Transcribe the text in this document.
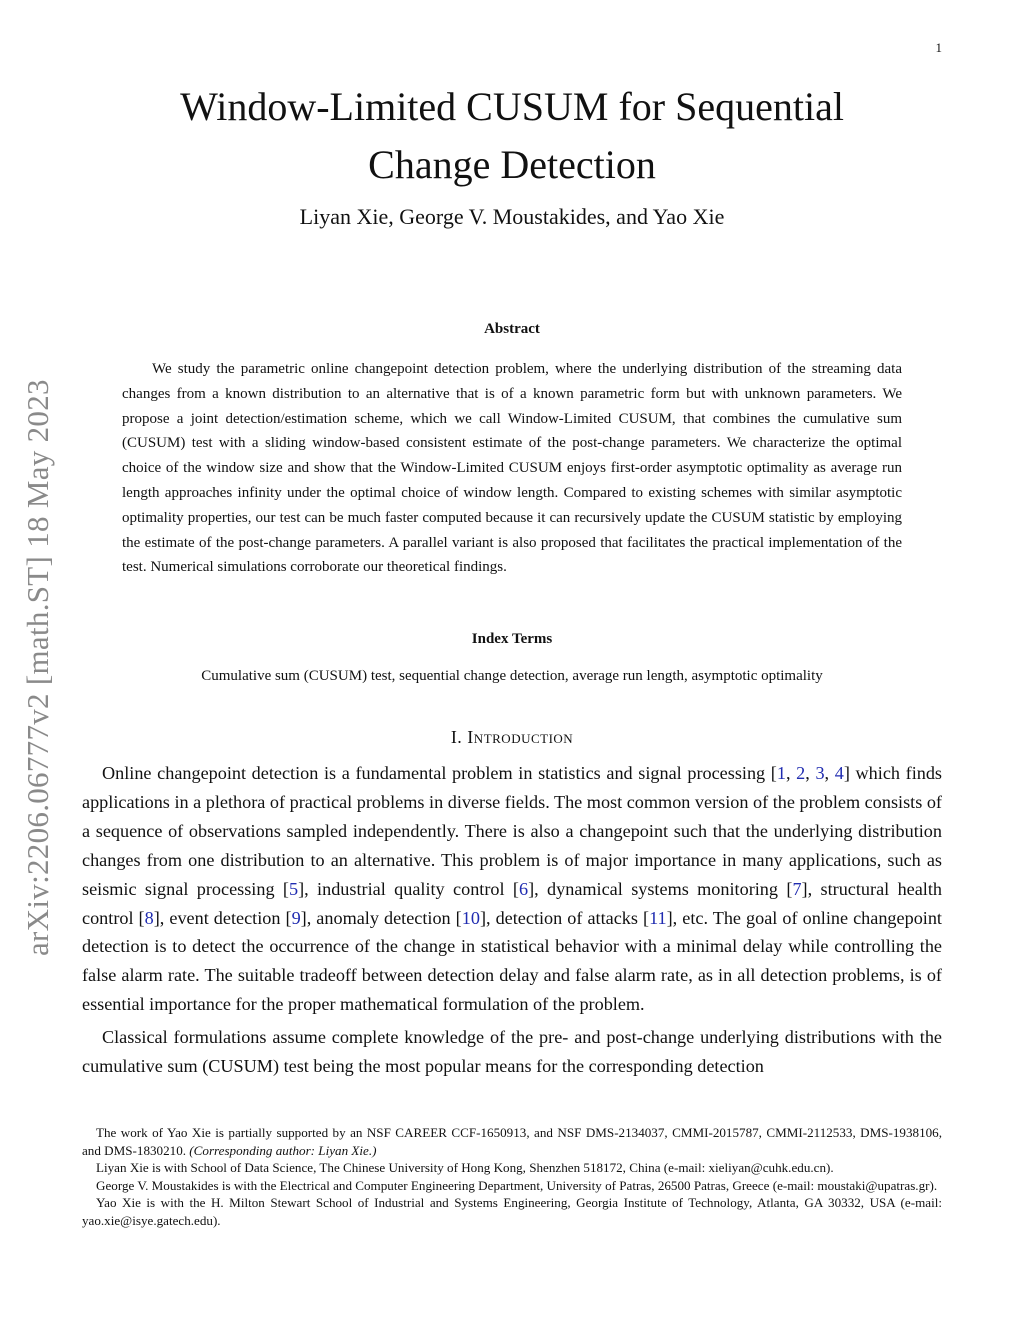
1
arXiv:2206.06777v2 [math.ST] 18 May 2023
Window-Limited CUSUM for Sequential
Change Detection
Liyan Xie, George V. Moustakides, and Yao Xie
Abstract

We study the parametric online changepoint detection problem, where the underlying distribution of the streaming data changes from a known distribution to an alternative that is of a known parametric form but with unknown parameters. We propose a joint detection/estimation scheme, which we call Window-Limited CUSUM, that combines the cumulative sum (CUSUM) test with a sliding window-based consistent estimate of the post-change parameters. We characterize the optimal choice of the window size and show that the Window-Limited CUSUM enjoys first-order asymptotic optimality as average run length approaches infinity under the optimal choice of window length. Compared to existing schemes with similar asymptotic optimality properties, our test can be much faster computed because it can recursively update the CUSUM statistic by employing the estimate of the post-change parameters. A parallel variant is also proposed that facilitates the practical implementation of the test. Numerical simulations corroborate our theoretical findings.

Index Terms
Cumulative sum (CUSUM) test, sequential change detection, average run length, asymptotic optimality
I. Introduction

Online changepoint detection is a fundamental problem in statistics and signal processing [1, 2, 3, 4] which finds applications in a plethora of practical problems in diverse fields. The most common version of the problem consists of a sequence of observations sampled independently. There is also a changepoint such that the underlying distribution changes from one distribution to an alternative. This problem is of major importance in many applications, such as seismic signal processing [5], industrial quality control [6], dynamical systems monitoring [7], structural health control [8], event detection [9], anomaly detection [10], detection of attacks [11], etc. The goal of online changepoint detection is to detect the occurrence of the change in statistical behavior with a minimal delay while controlling the false alarm rate. The suitable tradeoff between detection delay and false alarm rate, as in all detection problems, is of essential importance for the proper mathematical formulation of the problem.

Classical formulations assume complete knowledge of the pre- and post-change underlying distributions with the cumulative sum (CUSUM) test being the most popular means for the corresponding detection

The work of Yao Xie is partially supported by an NSF CAREER CCF-1650913, and NSF DMS-2134037, CMMI-2015787, CMMI-2112533, DMS-1938106, and DMS-1830210. (Corresponding author: Liyan Xie.)

Liyan Xie is with School of Data Science, The Chinese University of Hong Kong, Shenzhen 518172, China (e-mail: xieliyan@cuhk.edu.cn).

George V. Moustakides is with the Electrical and Computer Engineering Department, University of Patras, 26500 Patras, Greece (e-mail: moustaki@upatras.gr).

Yao Xie is with the H. Milton Stewart School of Industrial and Systems Engineering, Georgia Institute of Technology, Atlanta, GA 30332, USA (e-mail: yao.xie@isye.gatech.edu).
